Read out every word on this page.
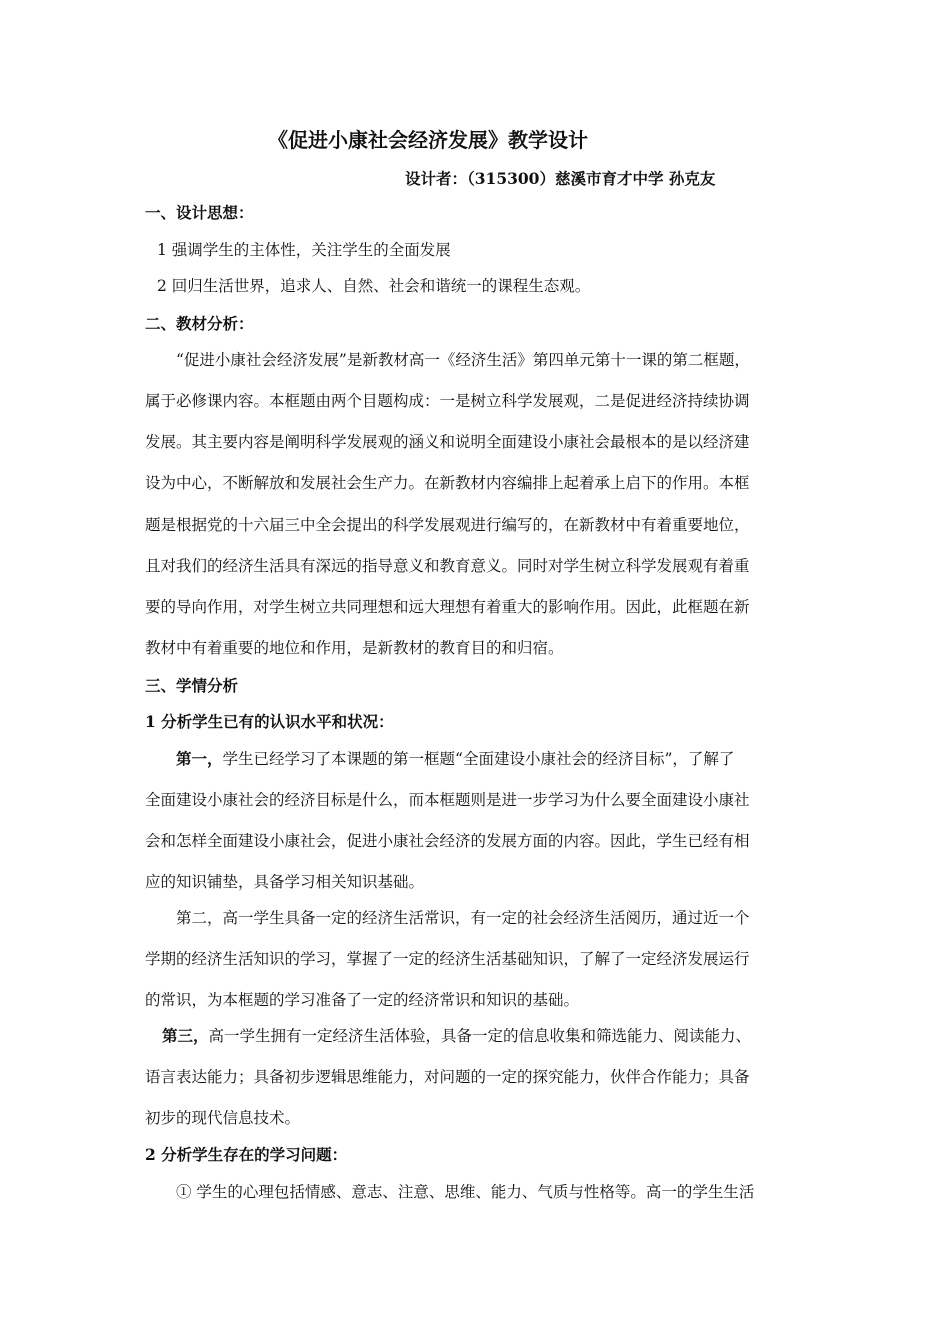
《促进小康社会经济发展》教学设计
设计者：（315300）慈溪市育才中学 孙克友
一、设计思想：
1 强调学生的主体性，关注学生的全面发展
2 回归生活世界，追求人、自然、社会和谐统一的课程生态观。
二、教材分析：
“促进小康社会经济发展”是新教材高一《经济生活》第四单元第十一课的第二框题，
属于必修课内容。本框题由两个目题构成：一是树立科学发展观，二是促进经济持续协调
发展。其主要内容是阐明科学发展观的涵义和说明全面建设小康社会最根本的是以经济建
设为中心，不断解放和发展社会生产力。在新教材内容编排上起着承上启下的作用。本框
题是根据党的十六届三中全会提出的科学发展观进行编写的，在新教材中有着重要地位，
且对我们的经济生活具有深远的指导意义和教育意义。同时对学生树立科学发展观有着重
要的导向作用，对学生树立共同理想和远大理想有着重大的影响作用。因此，此框题在新
教材中有着重要的地位和作用，是新教材的教育目的和归宿。
三、学情分析
1 分析学生已有的认识水平和状况：
第一，学生已经学习了本课题的第一框题“全面建设小康社会的经济目标”，了解了
全面建设小康社会的经济目标是什么，而本框题则是进一步学习为什么要全面建设小康社
会和怎样全面建设小康社会，促进小康社会经济的发展方面的内容。因此，学生已经有相
应的知识铺垫，具备学习相关知识基础。
第二，高一学生具备一定的经济生活常识，有一定的社会经济生活阅历，通过近一个
学期的经济生活知识的学习，掌握了一定的经济生活基础知识，了解了一定经济发展运行
的常识，为本框题的学习准备了一定的经济常识和知识的基础。
第三，高一学生拥有一定经济生活体验，具备一定的信息收集和筛选能力、阅读能力、
语言表达能力；具备初步逻辑思维能力，对问题的一定的探究能力，伙伴合作能力；具备
初步的现代信息技术。
2 分析学生存在的学习问题：
① 学生的心理包括情感、意志、注意、思维、能力、气质与性格等。高一的学生生活
